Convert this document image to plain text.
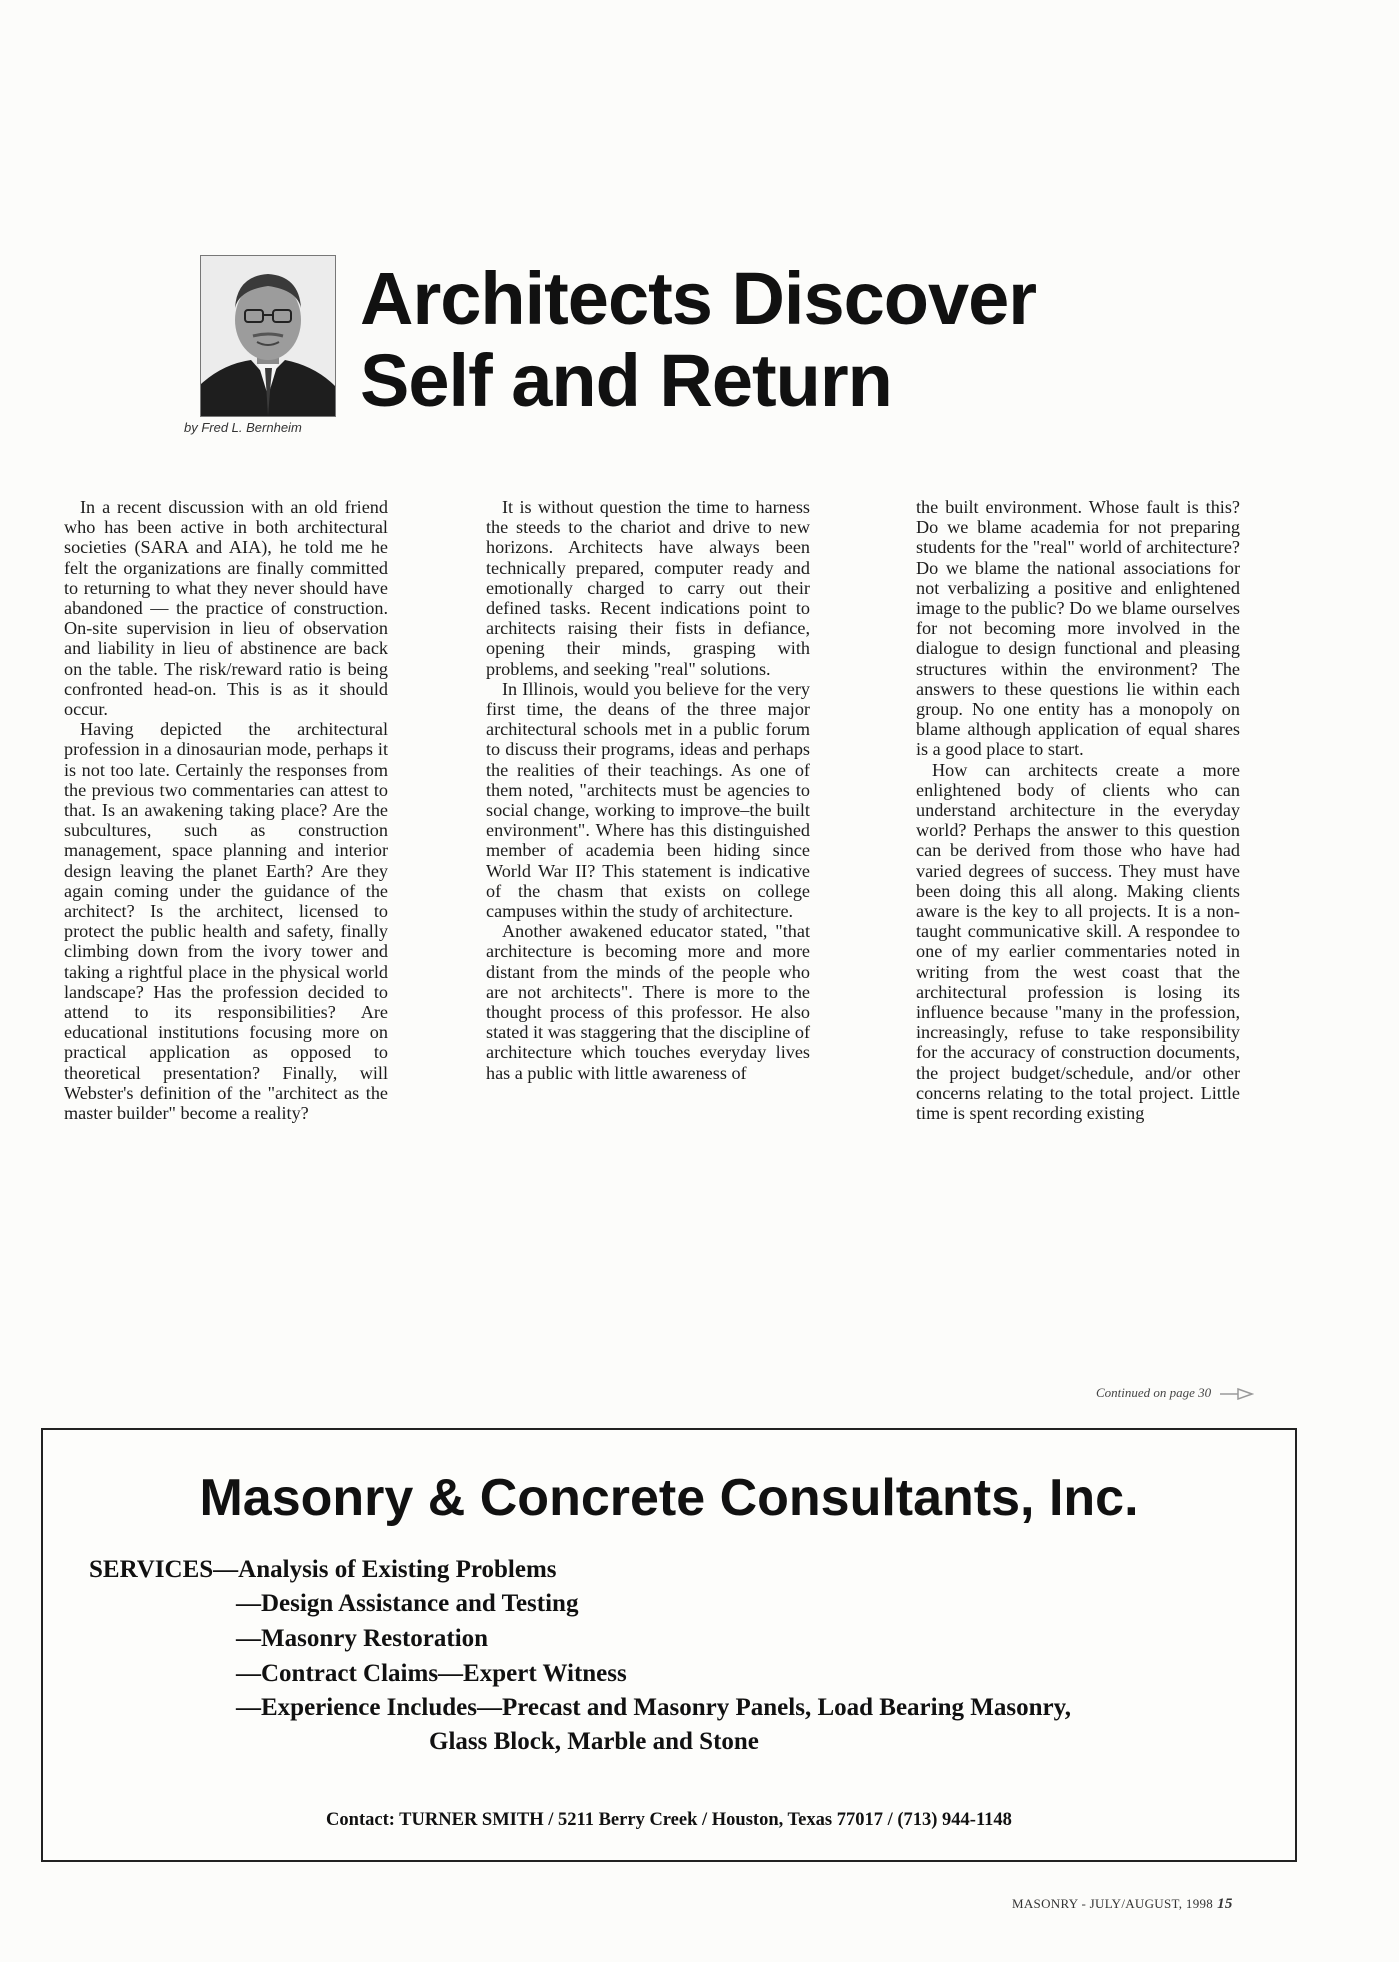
by Fred L. Bernheim
Architects Discover
Self and Return

In a recent discussion with an old friend who has been active in both architectural societies (SARA and AIA), he told me he felt the organizations are finally committed to returning to what they never should have abandoned — the practice of construction. On-site supervision in lieu of observation and liability in lieu of abstinence are back on the table. The risk/reward ratio is being confronted head-on. This is as it should occur.

Having depicted the architectural profession in a dinosaurian mode, perhaps it is not too late. Certainly the responses from the previous two commentaries can attest to that. Is an awakening taking place? Are the subcultures, such as construction management, space planning and interior design leaving the planet Earth? Are they again coming under the guidance of the architect? Is the architect, licensed to protect the public health and safety, finally climbing down from the ivory tower and taking a rightful place in the physical world landscape? Has the profession decided to attend to its responsibilities? Are educational institutions focusing more on practical application as opposed to theoretical presentation? Finally, will Webster's definition of the "architect as the master builder" become a reality?

It is without question the time to harness the steeds to the chariot and drive to new horizons. Architects have always been technically prepared, computer ready and emotionally charged to carry out their defined tasks. Recent indications point to architects raising their fists in defiance, opening their minds, grasping with problems, and seeking "real" solutions.

In Illinois, would you believe for the very first time, the deans of the three major architectural schools met in a public forum to discuss their programs, ideas and perhaps the realities of their teachings. As one of them noted, "architects must be agencies to social change, working to improve–the built environment". Where has this distinguished member of academia been hiding since World War II? This statement is indicative of the chasm that exists on college campuses within the study of architecture.

Another awakened educator stated, "that architecture is becoming more and more distant from the minds of the people who are not architects". There is more to the thought process of this professor. He also stated it was staggering that the discipline of architecture which touches everyday lives has a public with little awareness of

the built environment. Whose fault is this? Do we blame academia for not preparing students for the "real" world of architecture? Do we blame the national associations for not verbalizing a positive and enlightened image to the public? Do we blame ourselves for not becoming more involved in the dialogue to design functional and pleasing structures within the environment? The answers to these questions lie within each group. No one entity has a monopoly on blame although application of equal shares is a good place to start.

How can architects create a more enlightened body of clients who can understand architecture in the everyday world? Perhaps the answer to this question can be derived from those who have had varied degrees of success. They must have been doing this all along. Making clients aware is the key to all projects. It is a non-taught communicative skill. A respondee to one of my earlier commentaries noted in writing from the west coast that the architectural profession is losing its influence because "many in the profession, increasingly, refuse to take responsibility for the accuracy of construction documents, the project budget/schedule, and/or other concerns relating to the total project. Little time is spent recording existing

Continued on page 30
Masonry & Concrete Consultants, Inc.
SERVICES—Analysis of Existing Problems
—Design Assistance and Testing
—Masonry Restoration
—Contract Claims—Expert Witness
—Experience Includes—Precast and Masonry Panels, Load Bearing Masonry,
Glass Block, Marble and Stone
Contact: TURNER SMITH / 5211 Berry Creek / Houston, Texas 77017 / (713) 944-1148
MASONRY - JULY/AUGUST, 1998 15
